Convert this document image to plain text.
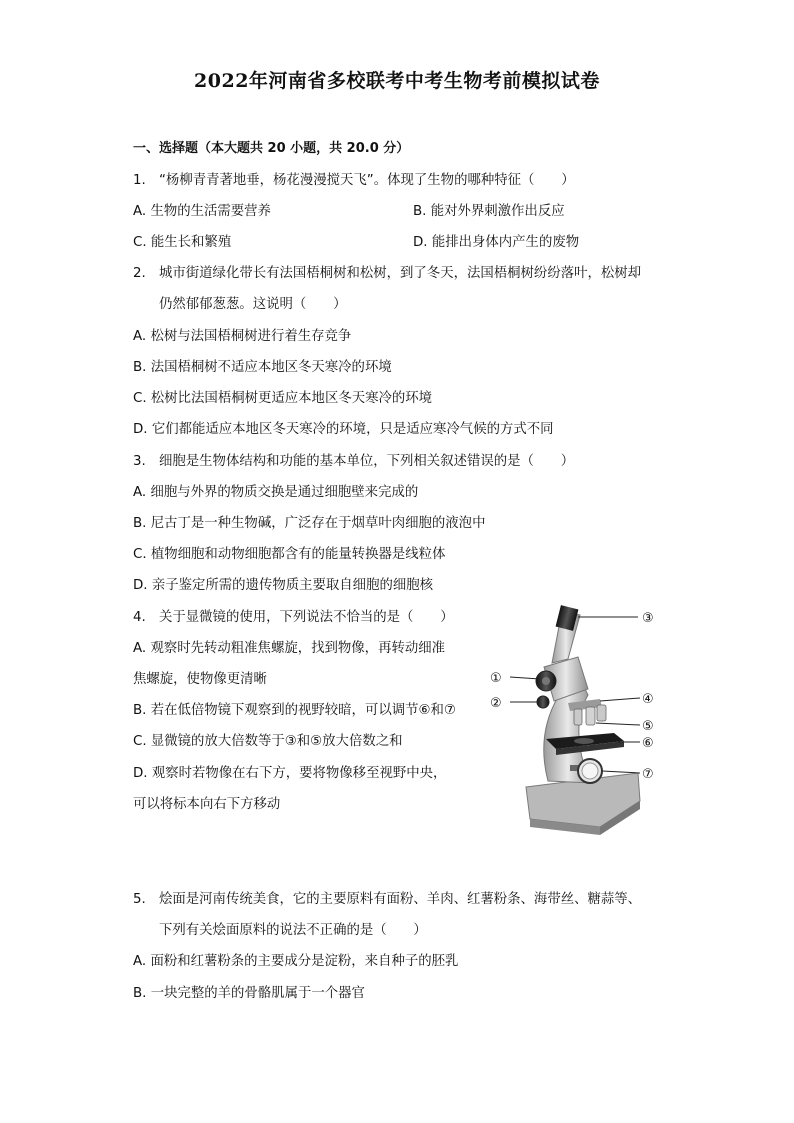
2022年河南省多校联考中考生物考前模拟试卷
一、选择题（本大题共 20 小题，共 20.0 分）
1. “杨柳青青著地垂，杨花漫漫搅天飞”。体现了生物的哪种特征（　　）
A. 生物的生活需要营养	B. 能对外界刺激作出反应
C. 能生长和繁殖	D. 能排出身体内产生的废物
2. 城市街道绿化带长有法国梧桐树和松树，到了冬天，法国梧桐树纷纷落叶，松树却
仍然郁郁葱葱。这说明（　　）
A. 松树与法国梧桐树进行着生存竞争
B. 法国梧桐树不适应本地区冬天寒冷的环境
C. 松树比法国梧桐树更适应本地区冬天寒冷的环境
D. 它们都能适应本地区冬天寒冷的环境，只是适应寒冷气候的方式不同
3. 细胞是生物体结构和功能的基本单位，下列相关叙述错误的是（　　）
A. 细胞与外界的物质交换是通过细胞壁来完成的
B. 尼古丁是一种生物碱，广泛存在于烟草叶肉细胞的液泡中
C. 植物细胞和动物细胞都含有的能量转换器是线粒体
D. 亲子鉴定所需的遗传物质主要取自细胞的细胞核
4. 关于显微镜的使用，下列说法不恰当的是（　　）
A. 观察时先转动粗准焦螺旋，找到物像，再转动细准
焦螺旋，使物像更清晰
B. 若在低倍物镜下观察到的视野较暗，可以调节⑥和⑦
C. 显微镜的放大倍数等于③和⑤放大倍数之和
D. 观察时若物像在右下方，要将物像移至视野中央，
可以将标本向右下方移动
③
①
②	④
⑤
⑥
⑦
5. 烩面是河南传统美食，它的主要原料有面粉、羊肉、红薯粉条、海带丝、糖蒜等、
下列有关烩面原料的说法不正确的是（　　）
A. 面粉和红薯粉条的主要成分是淀粉，来自种子的胚乳
B. 一块完整的羊的骨骼肌属于一个器官
